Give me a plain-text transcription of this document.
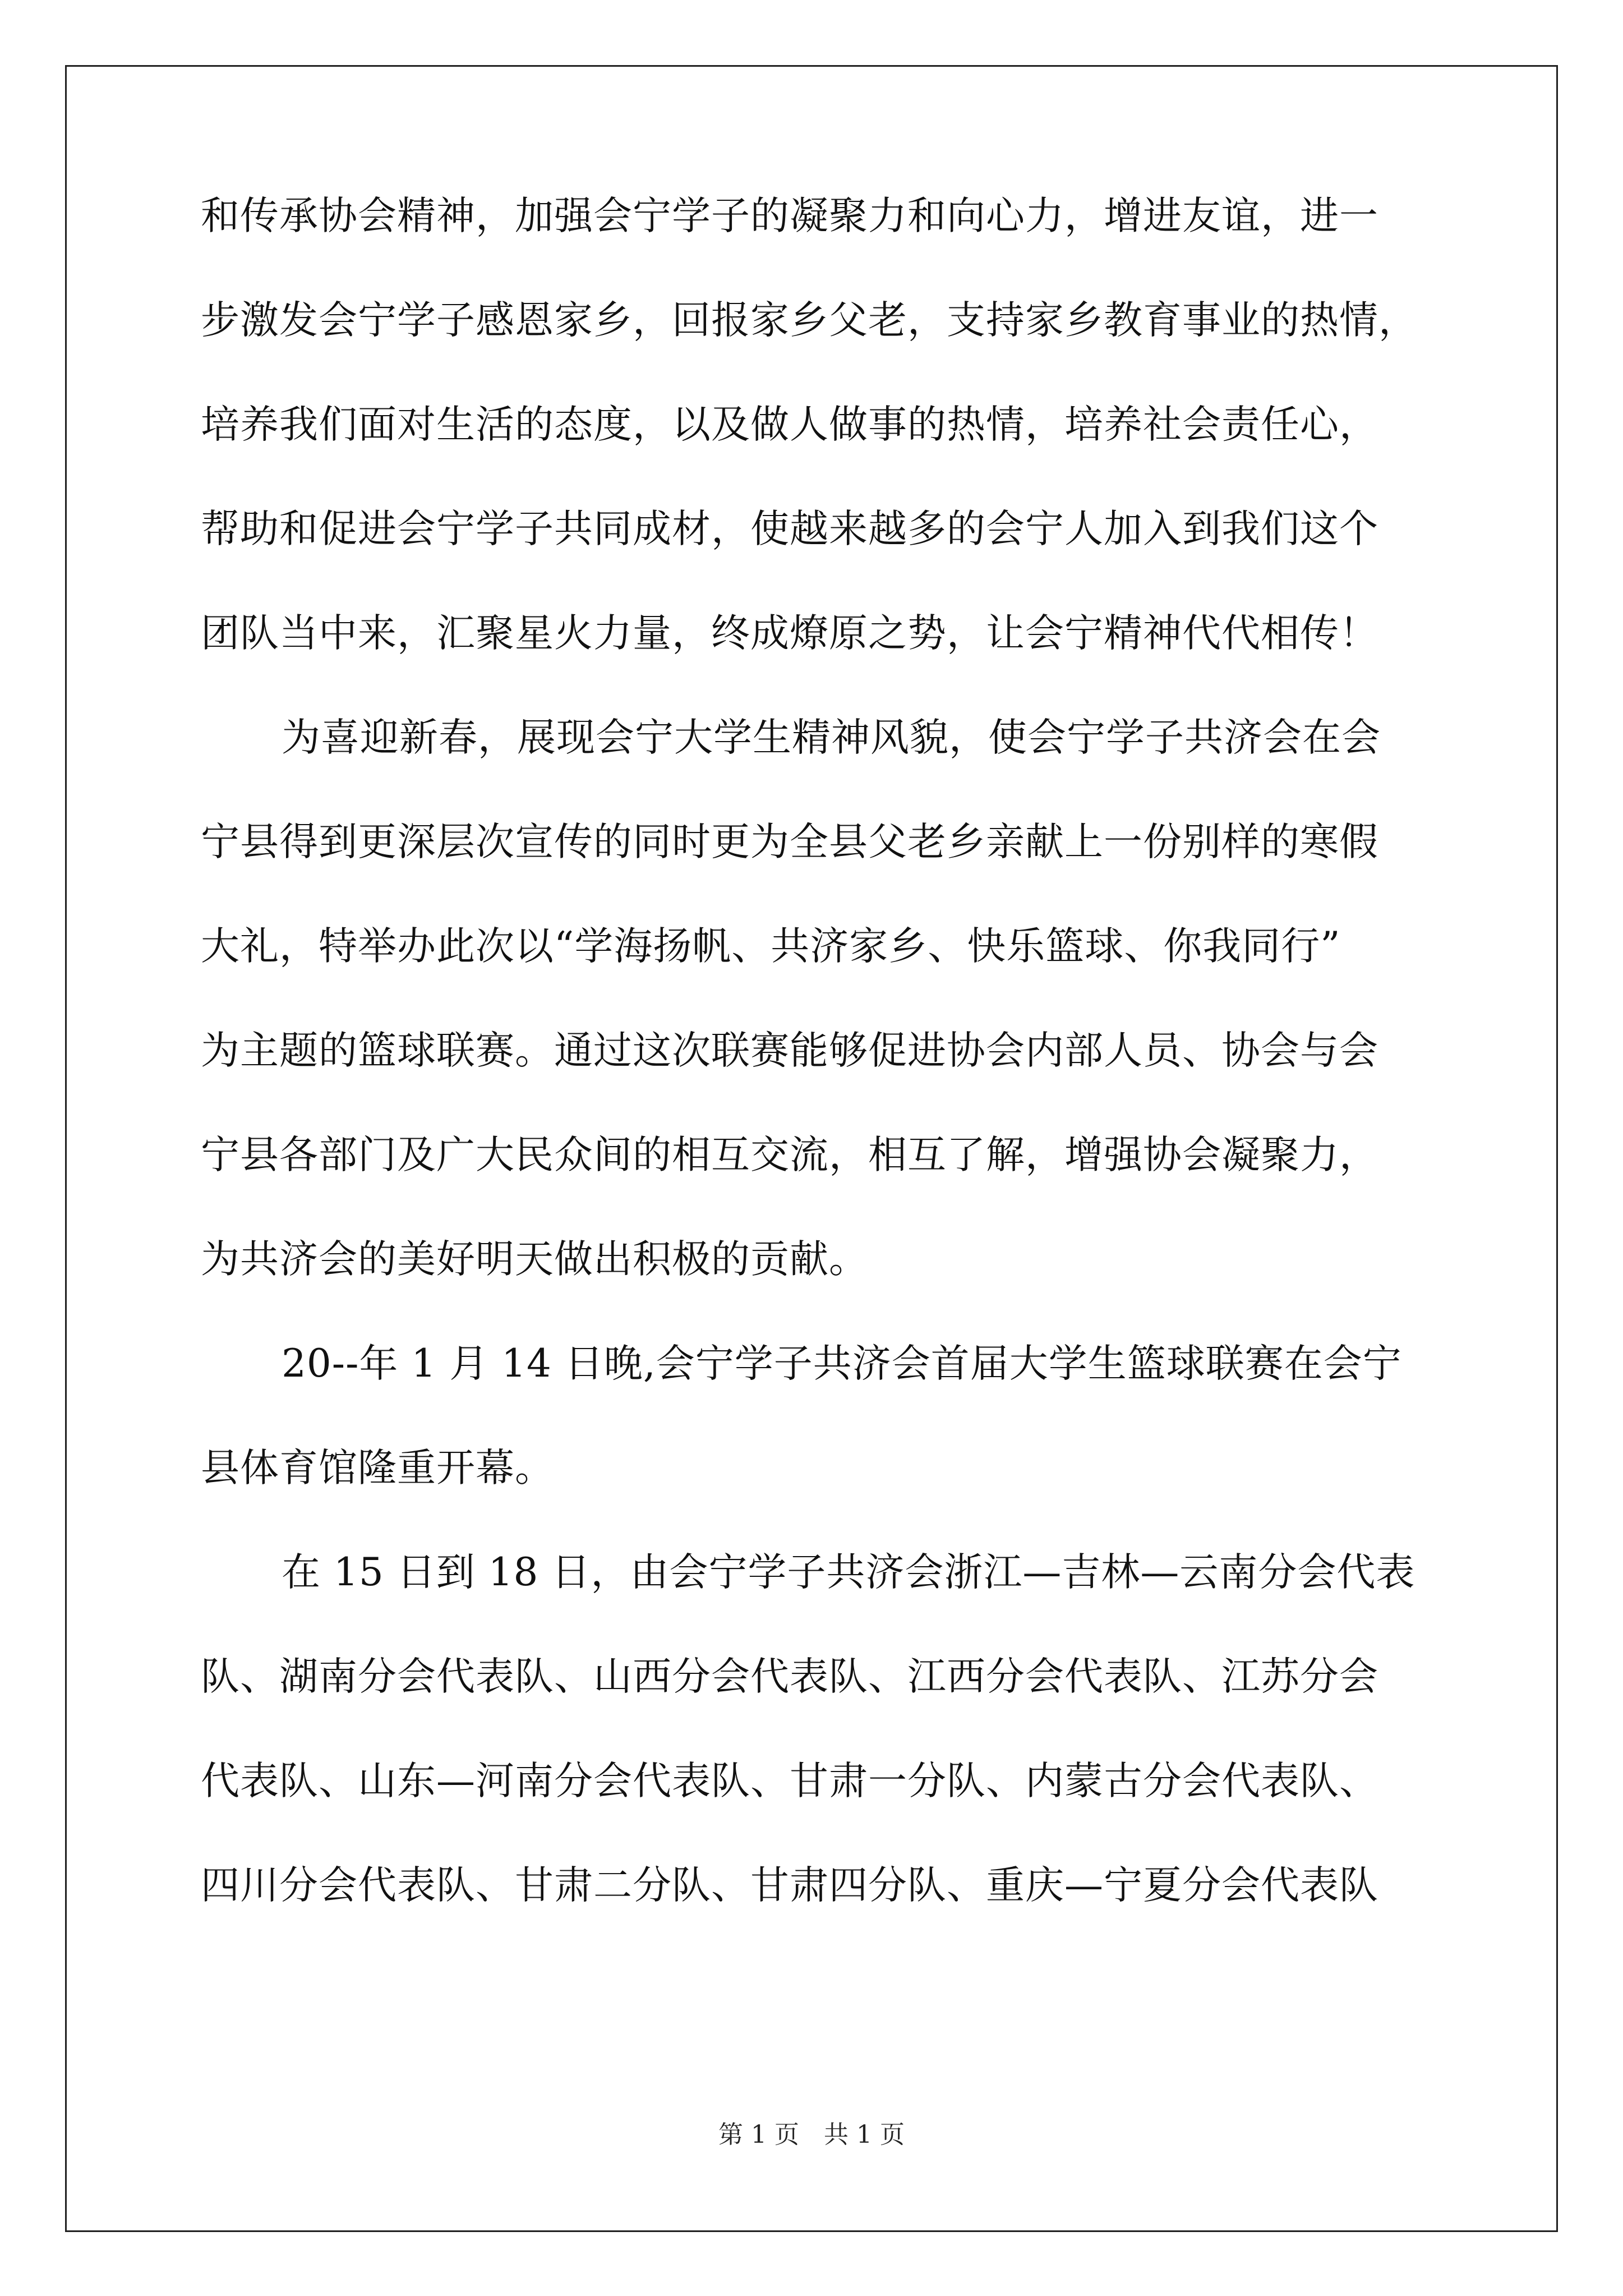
和传承协会精神，加强会宁学子的凝聚力和向心力，增进友谊，进一
步激发会宁学子感恩家乡，回报家乡父老，支持家乡教育事业的热情，
培养我们面对生活的态度，以及做人做事的热情，培养社会责任心，
帮助和促进会宁学子共同成材，使越来越多的会宁人加入到我们这个
团队当中来，汇聚星火力量，终成燎原之势，让会宁精神代代相传！
为喜迎新春，展现会宁大学生精神风貌，使会宁学子共济会在会
宁县得到更深层次宣传的同时更为全县父老乡亲献上一份别样的寒假
大礼，特举办此次以“学海扬帆、共济家乡、快乐篮球、你我同行”
为主题的篮球联赛。通过这次联赛能够促进协会内部人员、协会与会
宁县各部门及广大民众间的相互交流，相互了解，增强协会凝聚力，
为共济会的美好明天做出积极的贡献。
20--年 1 月 14 日晚,会宁学子共济会首届大学生篮球联赛在会宁
县体育馆隆重开幕。
在 15 日到 18 日，由会宁学子共济会浙江—吉林—云南分会代表
队、湖南分会代表队、山西分会代表队、江西分会代表队、江苏分会
代表队、山东—河南分会代表队、甘肃一分队、内蒙古分会代表队、
四川分会代表队、甘肃二分队、甘肃四分队、重庆—宁夏分会代表队
第 1 页　共 1 页
